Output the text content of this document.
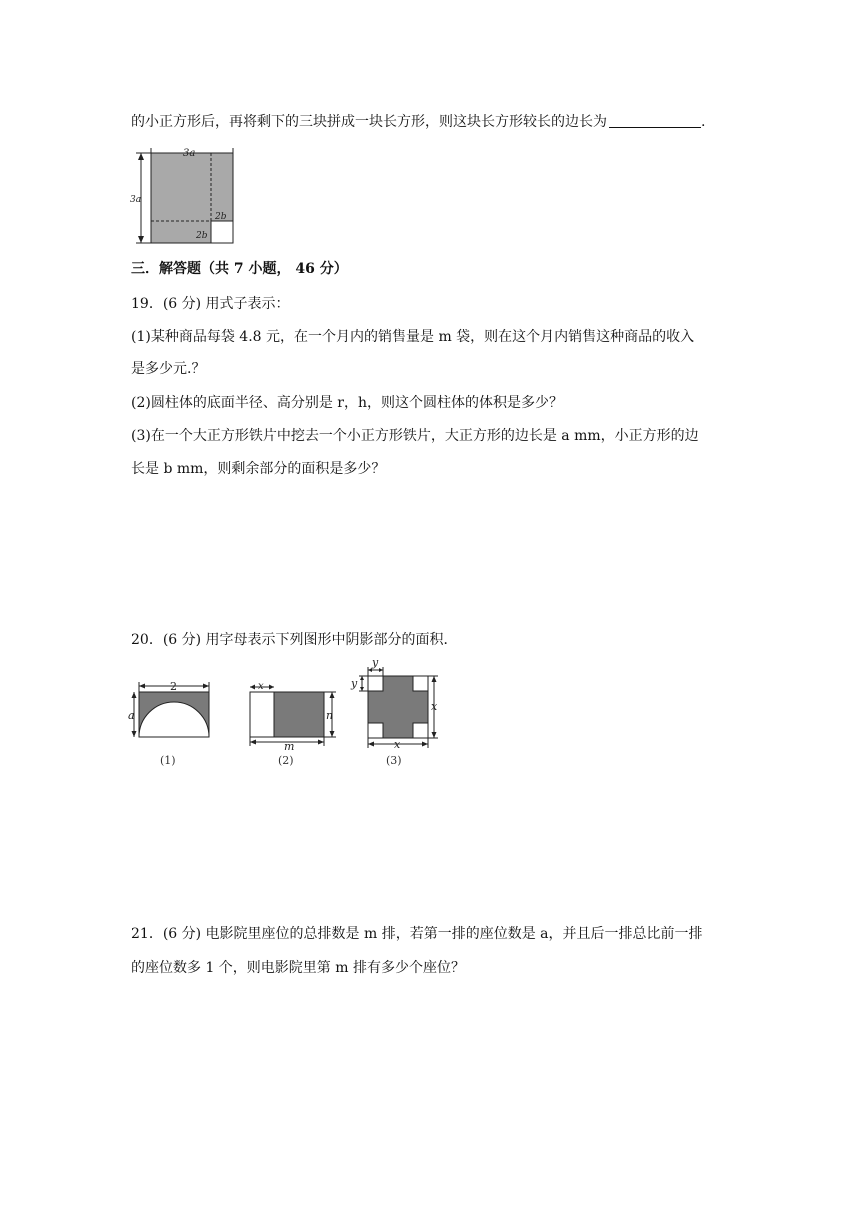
的小正方形后，再将剩下的三块拼成一块长方形，则这块长方形较长的边长为	.
3a
3a
2b
2b
三．解答题（共 7 小题， 46 分）
19．(6 分) 用式子表示：
(1)某种商品每袋 4.8 元，在一个月内的销售量是 m 袋，则在这个月内销售这种商品的收入
是多少元.？
(2)圆柱体的底面半径、高分别是 r，h，则这个圆柱体的体积是多少？
(3)在一个大正方形铁片中挖去一个小正方形铁片，大正方形的边长是 a mm，小正方形的边
长是 b mm，则剩余部分的面积是多少？
20．(6 分) 用字母表示下列图形中阴影部分的面积．
2
a
(1)
x
n
m
(2)
y
y
x
x
(3)
21．(6 分) 电影院里座位的总排数是 m 排，若第一排的座位数是 a，并且后一排总比前一排
的座位数多 1 个，则电影院里第 m 排有多少个座位？
